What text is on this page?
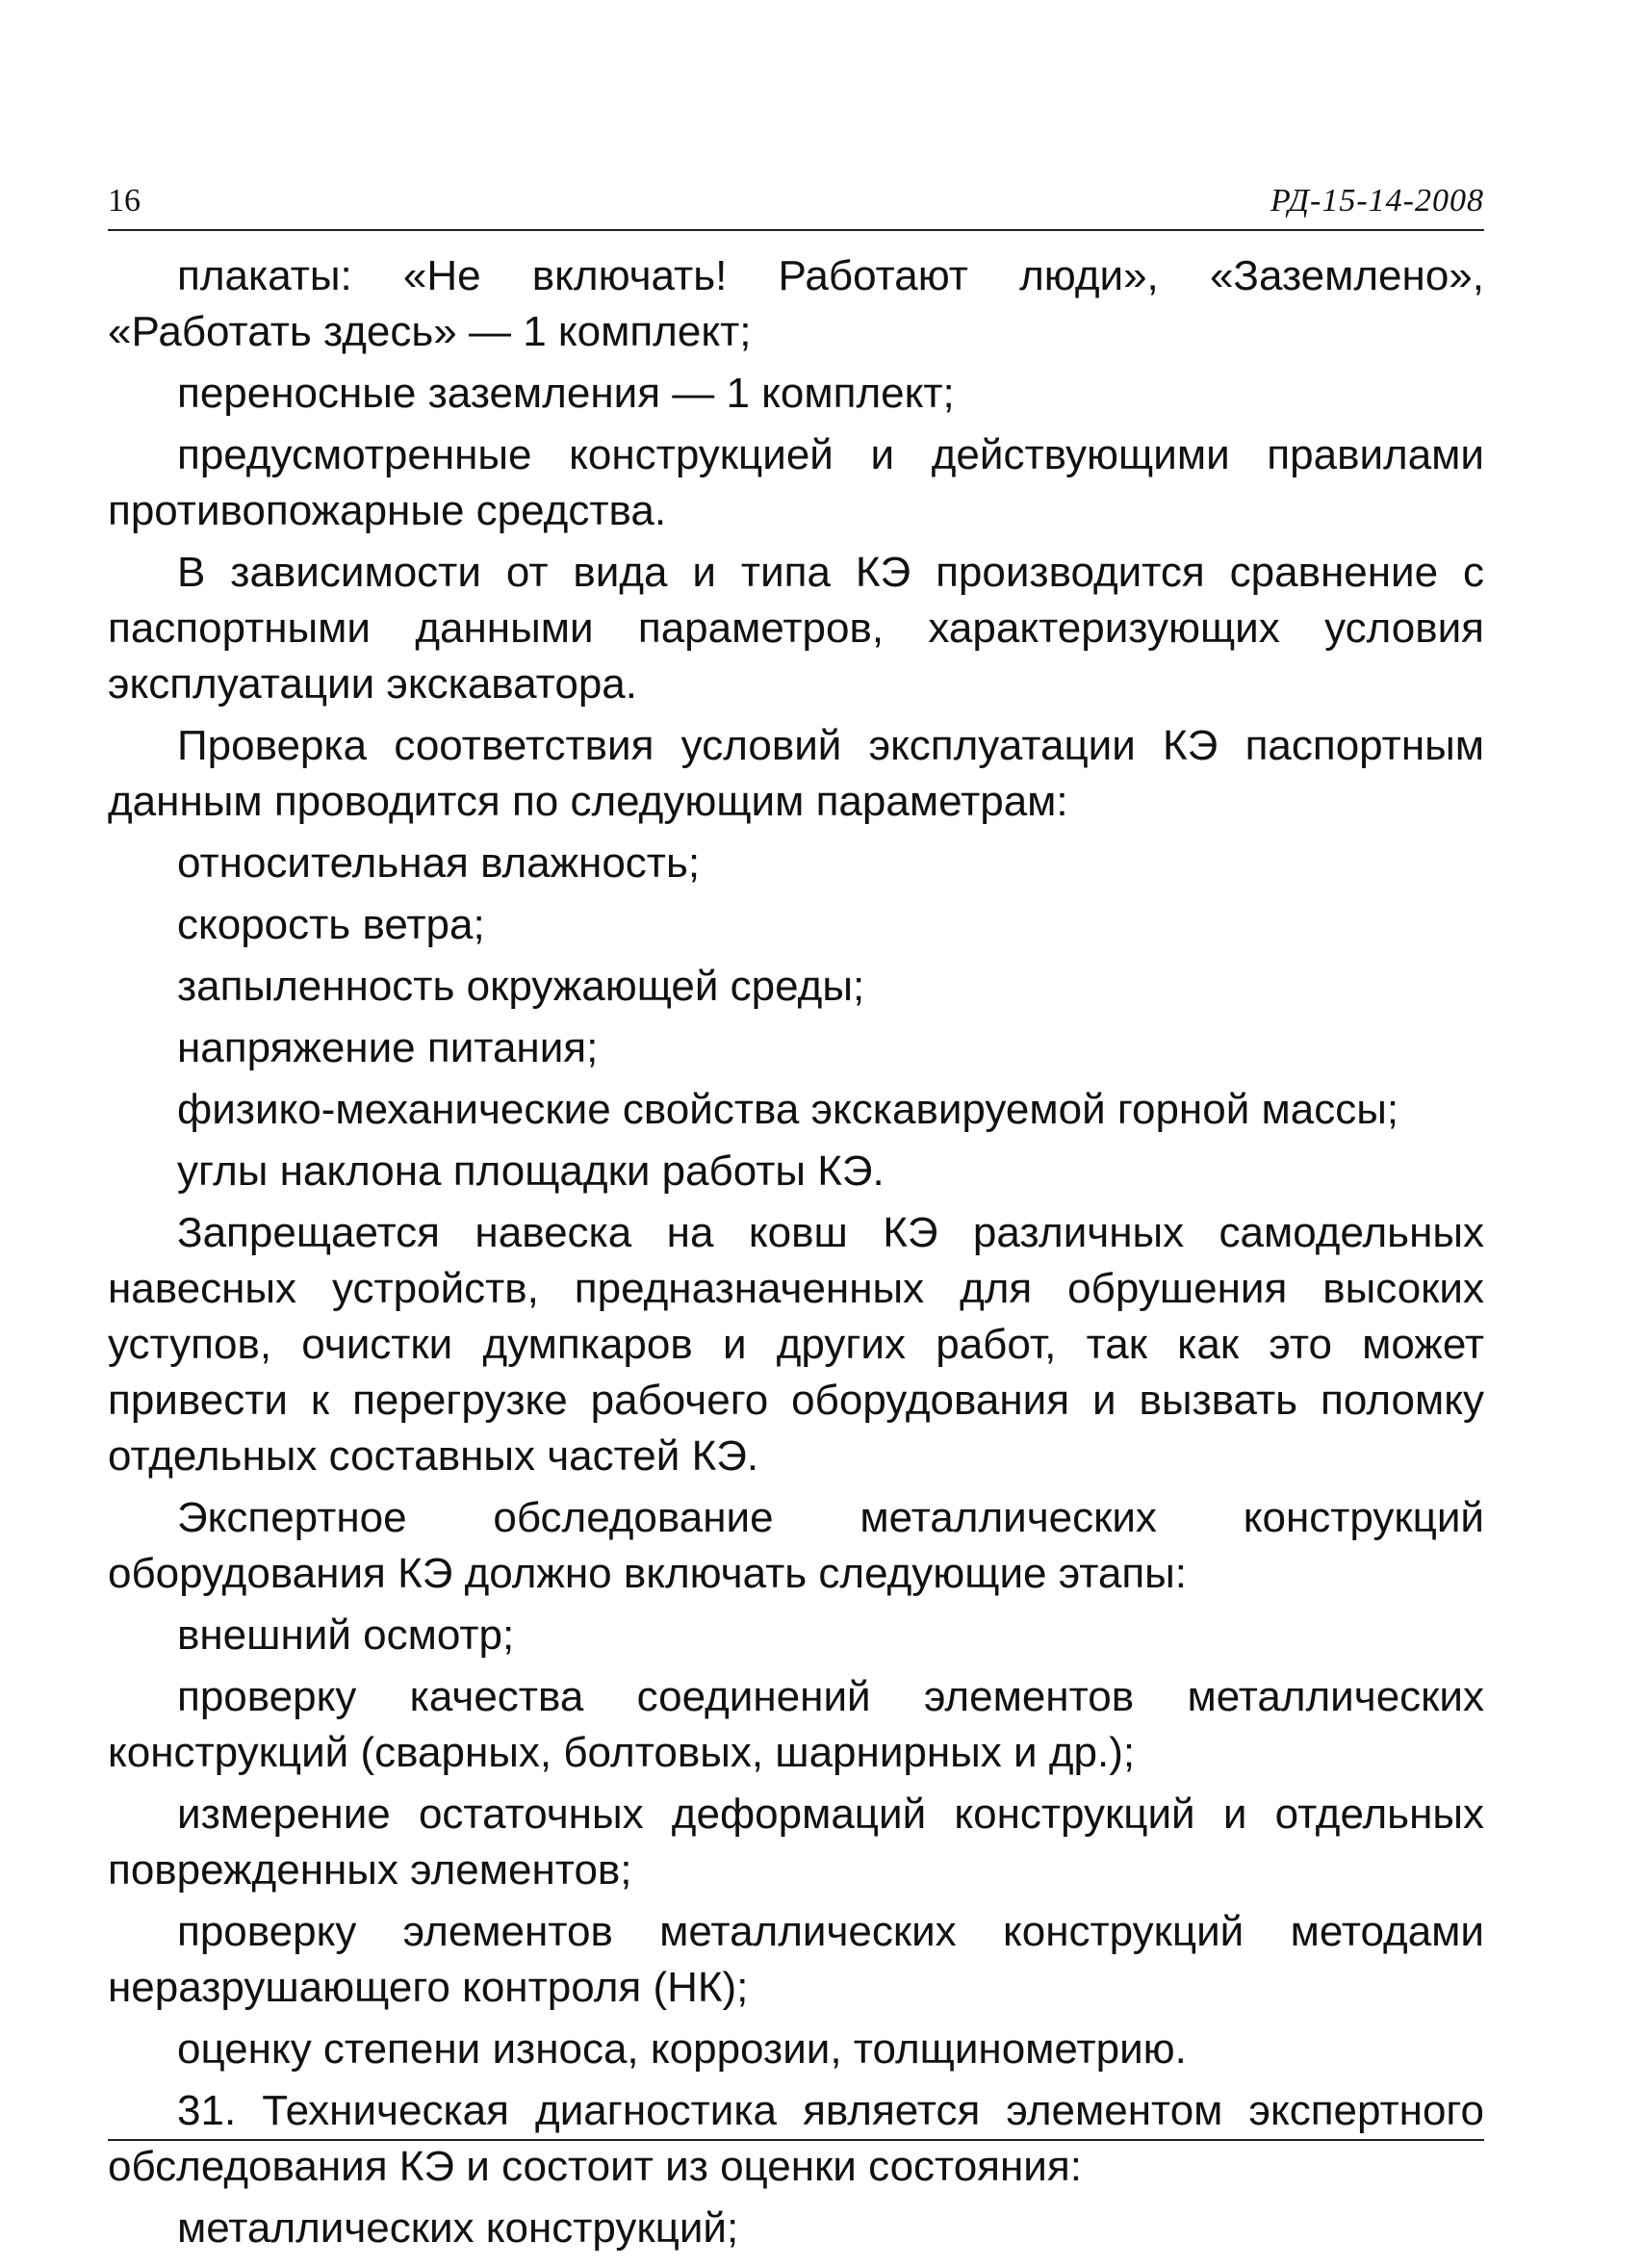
16	РД-15-14-2008

плакаты: «Не включать! Работают люди», «Заземлено», «Работать здесь» — 1 комплект;

переносные заземления — 1 комплект;

предусмотренные конструкцией и действующими правилами противопожарные средства.

В зависимости от вида и типа КЭ производится сравнение с паспортными данными параметров, характеризующих условия эксплуатации экскаватора.

Проверка соответствия условий эксплуатации КЭ паспортным данным проводится по следующим параметрам:

относительная влажность;

скорость ветра;

запыленность окружающей среды;

напряжение питания;

физико-механические свойства экскавируемой горной массы;

углы наклона площадки работы КЭ.

Запрещается навеска на ковш КЭ различных самодельных навесных устройств, предназначенных для обрушения высоких уступов, очистки думпкаров и других работ, так как это может привести к перегрузке рабочего оборудования и вызвать поломку отдельных составных частей КЭ.

Экспертное обследование металлических конструкций оборудования КЭ должно включать следующие этапы:

внешний осмотр;

проверку качества соединений элементов металлических конструкций (сварных, болтовых, шарнирных и др.);

измерение остаточных деформаций конструкций и отдельных поврежденных элементов;

проверку элементов металлических конструкций методами неразрушающего контроля (НК);

оценку степени износа, коррозии, толщинометрию.

31. Техническая диагностика является элементом экспертного обследования КЭ и состоит из оценки состояния:

металлических конструкций;
